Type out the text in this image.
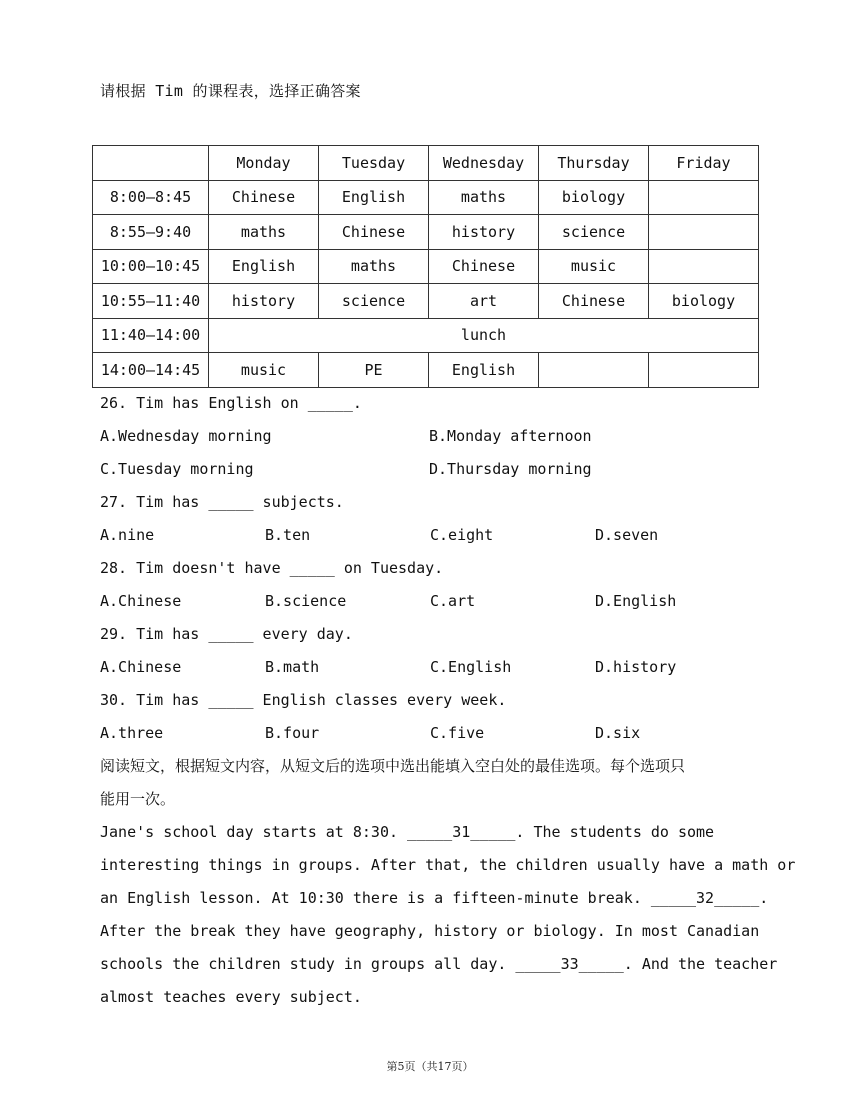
请根据 Tim 的课程表，选择正确答案
	Monday	Tuesday	Wednesday	Thursday	Friday
8:00—8:45	Chinese	English	maths	biology	
8:55—9:40	maths	Chinese	history	science	
10:00—10:45	English	maths	Chinese	music	
10:55—11:40	history	science	art	Chinese	biology
11:40—14:00	lunch				
14:00—14:45	music	PE	English		
26. Tim has English on _____.
A.Wednesday morning	B.Monday afternoon
C.Tuesday morning	D.Thursday morning
27. Tim has _____ subjects.
A.nine	B.ten	C.eight	D.seven
28. Tim doesn't have _____ on Tuesday.
A.Chinese	B.science	C.art	D.English
29. Tim has _____ every day.
A.Chinese	B.math	C.English	D.history
30. Tim has _____ English classes every week.
A.three	B.four	C.five	D.six
阅读短文，根据短文内容，从短文后的选项中选出能填入空白处的最佳选项。每个选项只
能用一次。
Jane's school day starts at 8:30. _____31_____. The students do some
interesting things in groups. After that, the children usually have a math or
an English lesson. At 10:30 there is a fifteen-minute break. _____32_____.
After the break they have geography, history or biology. In most Canadian
schools the children study in groups all day. _____33_____. And the teacher
almost teaches every subject.
第5页（共17页）
